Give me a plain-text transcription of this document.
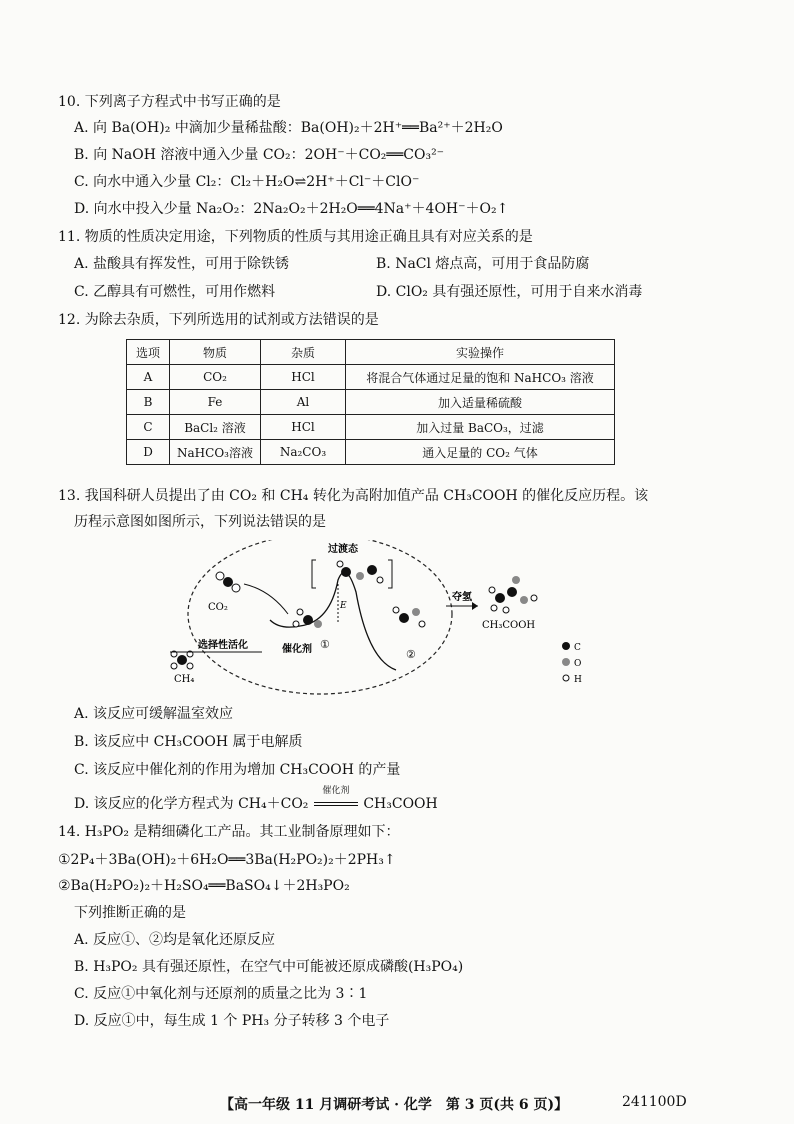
10. 下列离子方程式中书写正确的是
A. 向 Ba(OH)₂ 中滴加少量稀盐酸：Ba(OH)₂＋2H⁺══Ba²⁺＋2H₂O
B. 向 NaOH 溶液中通入少量 CO₂：2OH⁻＋CO₂══CO₃²⁻
C. 向水中通入少量 Cl₂：Cl₂＋H₂O⇌2H⁺＋Cl⁻＋ClO⁻
D. 向水中投入少量 Na₂O₂：2Na₂O₂＋2H₂O══4Na⁺＋4OH⁻＋O₂↑
11. 物质的性质决定用途，下列物质的性质与其用途正确且具有对应关系的是
A. 盐酸具有挥发性，可用于除铁锈	B. NaCl 熔点高，可用于食品防腐
C. 乙醇具有可燃性，可用作燃料	D. ClO₂ 具有强还原性，可用于自来水消毒
12. 为除去杂质，下列所选用的试剂或方法错误的是
选项	物质	杂质	实验操作
A	CO₂	HCl	将混合气体通过足量的饱和 NaHCO₃ 溶液
B	Fe	Al	加入适量稀硫酸
C	BaCl₂ 溶液	HCl	加入过量 BaCO₃，过滤
D	NaHCO₃溶液	Na₂CO₃	通入足量的 CO₂ 气体
13. 我国科研人员提出了由 CO₂ 和 CH₄ 转化为高附加值产品 CH₃COOH 的催化反应历程。该
历程示意图如图所示，下列说法错误的是
CO₂
CH₄
选择性活化
E
过渡态
催化剂 ①
②
夺氢
CH₃COOH
C
O
H
A. 该反应可缓解温室效应
B. 该反应中 CH₃COOH 属于电解质
C. 该反应中催化剂的作用为增加 CH₃COOH 的产量
D. 该反应的化学方程式为 CH₄＋CO₂
催化剂
CH₃COOH
14. H₃PO₂ 是精细磷化工产品。其工业制备原理如下：
①2P₄＋3Ba(OH)₂＋6H₂O══3Ba(H₂PO₂)₂＋2PH₃↑
②Ba(H₂PO₂)₂＋H₂SO₄══BaSO₄↓＋2H₃PO₂
下列推断正确的是
A. 反应①、②均是氧化还原反应
B. H₃PO₂ 具有强还原性，在空气中可能被还原成磷酸(H₃PO₄)
C. 反应①中氧化剂与还原剂的质量之比为 3∶1
D. 反应①中，每生成 1 个 PH₃ 分子转移 3 个电子
【高一年级 11 月调研考试 · 化学　第 3 页(共 6 页)】	241100D
